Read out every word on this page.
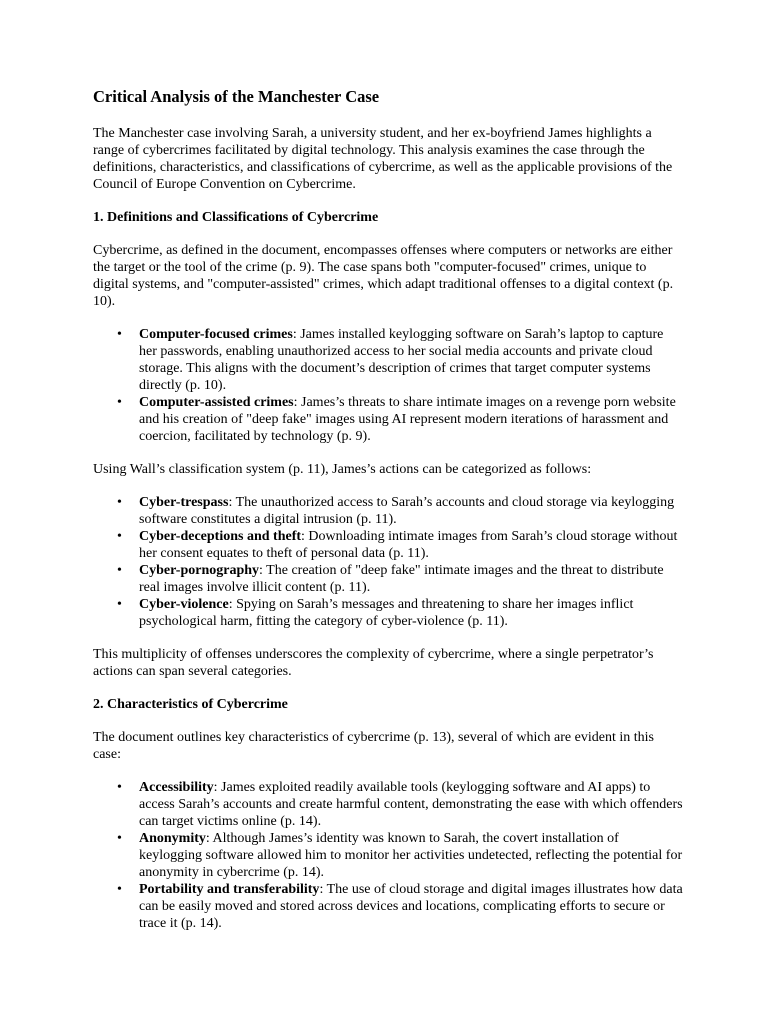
Critical Analysis of the Manchester Case

The Manchester case involving Sarah, a university student, and her ex-boyfriend James highlights a range of cybercrimes facilitated by digital technology. This analysis examines the case through the definitions, characteristics, and classifications of cybercrime, as well as the applicable provisions of the Council of Europe Convention on Cybercrime.

1. Definitions and Classifications of Cybercrime

Cybercrime, as defined in the document, encompasses offenses where computers or networks are either the target or the tool of the crime (p. 9). The case spans both "computer-focused" crimes, unique to digital systems, and "computer-assisted" crimes, which adapt traditional offenses to a digital context (p. 10).

• Computer-focused crimes: James installed keylogging software on Sarah’s laptop to capture her passwords, enabling unauthorized access to her social media accounts and private cloud storage. This aligns with the document’s description of crimes that target computer systems directly (p. 10).
• Computer-assisted crimes: James’s threats to share intimate images on a revenge porn website and his creation of "deep fake" images using AI represent modern iterations of harassment and coercion, facilitated by technology (p. 9).

Using Wall’s classification system (p. 11), James’s actions can be categorized as follows:

• Cyber-trespass: The unauthorized access to Sarah’s accounts and cloud storage via keylogging software constitutes a digital intrusion (p. 11).
• Cyber-deceptions and theft: Downloading intimate images from Sarah’s cloud storage without her consent equates to theft of personal data (p. 11).
• Cyber-pornography: The creation of "deep fake" intimate images and the threat to distribute real images involve illicit content (p. 11).
• Cyber-violence: Spying on Sarah’s messages and threatening to share her images inflict psychological harm, fitting the category of cyber-violence (p. 11).

This multiplicity of offenses underscores the complexity of cybercrime, where a single perpetrator’s actions can span several categories.

2. Characteristics of Cybercrime

The document outlines key characteristics of cybercrime (p. 13), several of which are evident in this case:

• Accessibility: James exploited readily available tools (keylogging software and AI apps) to access Sarah’s accounts and create harmful content, demonstrating the ease with which offenders can target victims online (p. 14).
• Anonymity: Although James’s identity was known to Sarah, the covert installation of keylogging software allowed him to monitor her activities undetected, reflecting the potential for anonymity in cybercrime (p. 14).
• Portability and transferability: The use of cloud storage and digital images illustrates how data can be easily moved and stored across devices and locations, complicating efforts to secure or trace it (p. 14).
